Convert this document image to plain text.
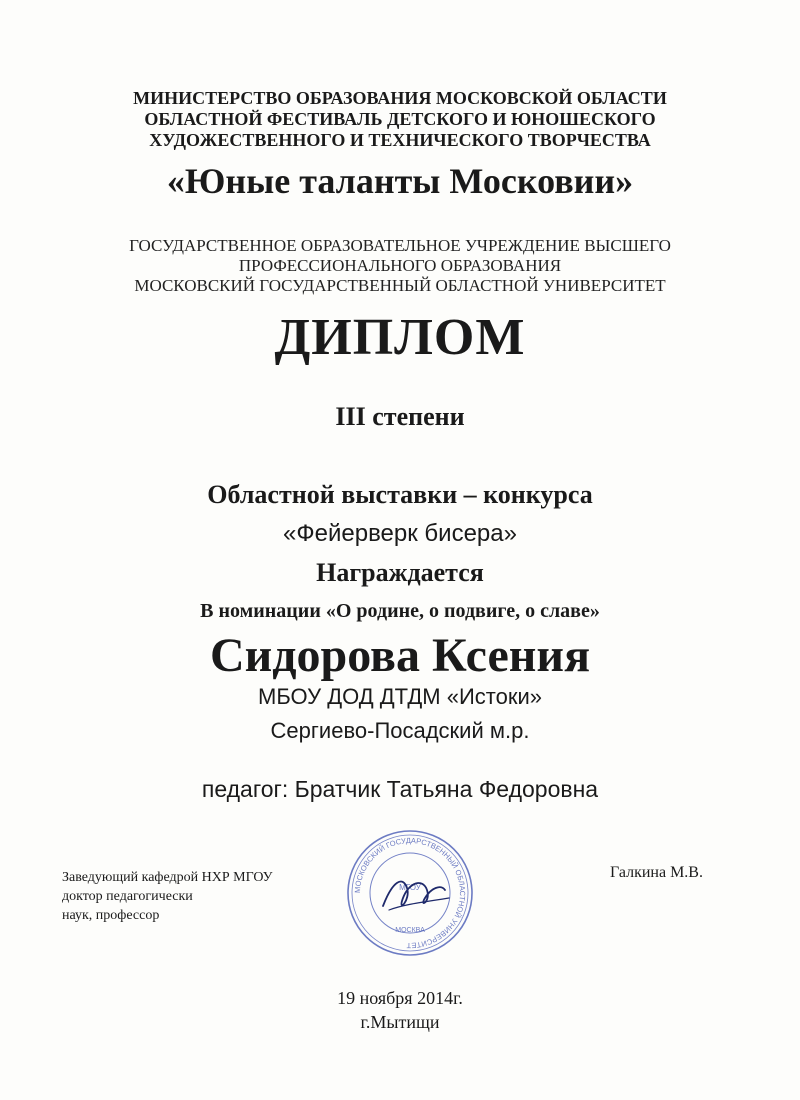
МИНИСТЕРСТВО ОБРАЗОВАНИЯ МОСКОВСКОЙ ОБЛАСТИ
ОБЛАСТНОЙ ФЕСТИВАЛЬ ДЕТСКОГО И ЮНОШЕСКОГО
ХУДОЖЕСТВЕННОГО И ТЕХНИЧЕСКОГО ТВОРЧЕСТВА
«Юные таланты Московии»
ГОСУДАРСТВЕННОЕ ОБРАЗОВАТЕЛЬНОЕ УЧРЕЖДЕНИЕ ВЫСШЕГО
ПРОФЕССИОНАЛЬНОГО ОБРАЗОВАНИЯ
МОСКОВСКИЙ ГОСУДАРСТВЕННЫЙ ОБЛАСТНОЙ УНИВЕРСИТЕТ
ДИПЛОМ
III степени
Областной выставки – конкурса
«Фейерверк бисера»
Награждается
В номинации «О родине, о подвиге, о славе»
Сидорова Ксения
МБОУ ДОД ДТДМ «Истоки»
Сергиево-Посадский м.р.
педагог: Братчик Татьяна Федоровна
Заведующий кафедрой НХР МГОУ
доктор педагогически
наук, профессор
Галкина М.В.
МОСКОВСКИЙ ГОСУДАРСТВЕННЫЙ ОБЛАСТНОЙ УНИВЕРСИТЕТ
МГОУ
МОСКВА
19 ноября 2014г.
г.Мытищи
